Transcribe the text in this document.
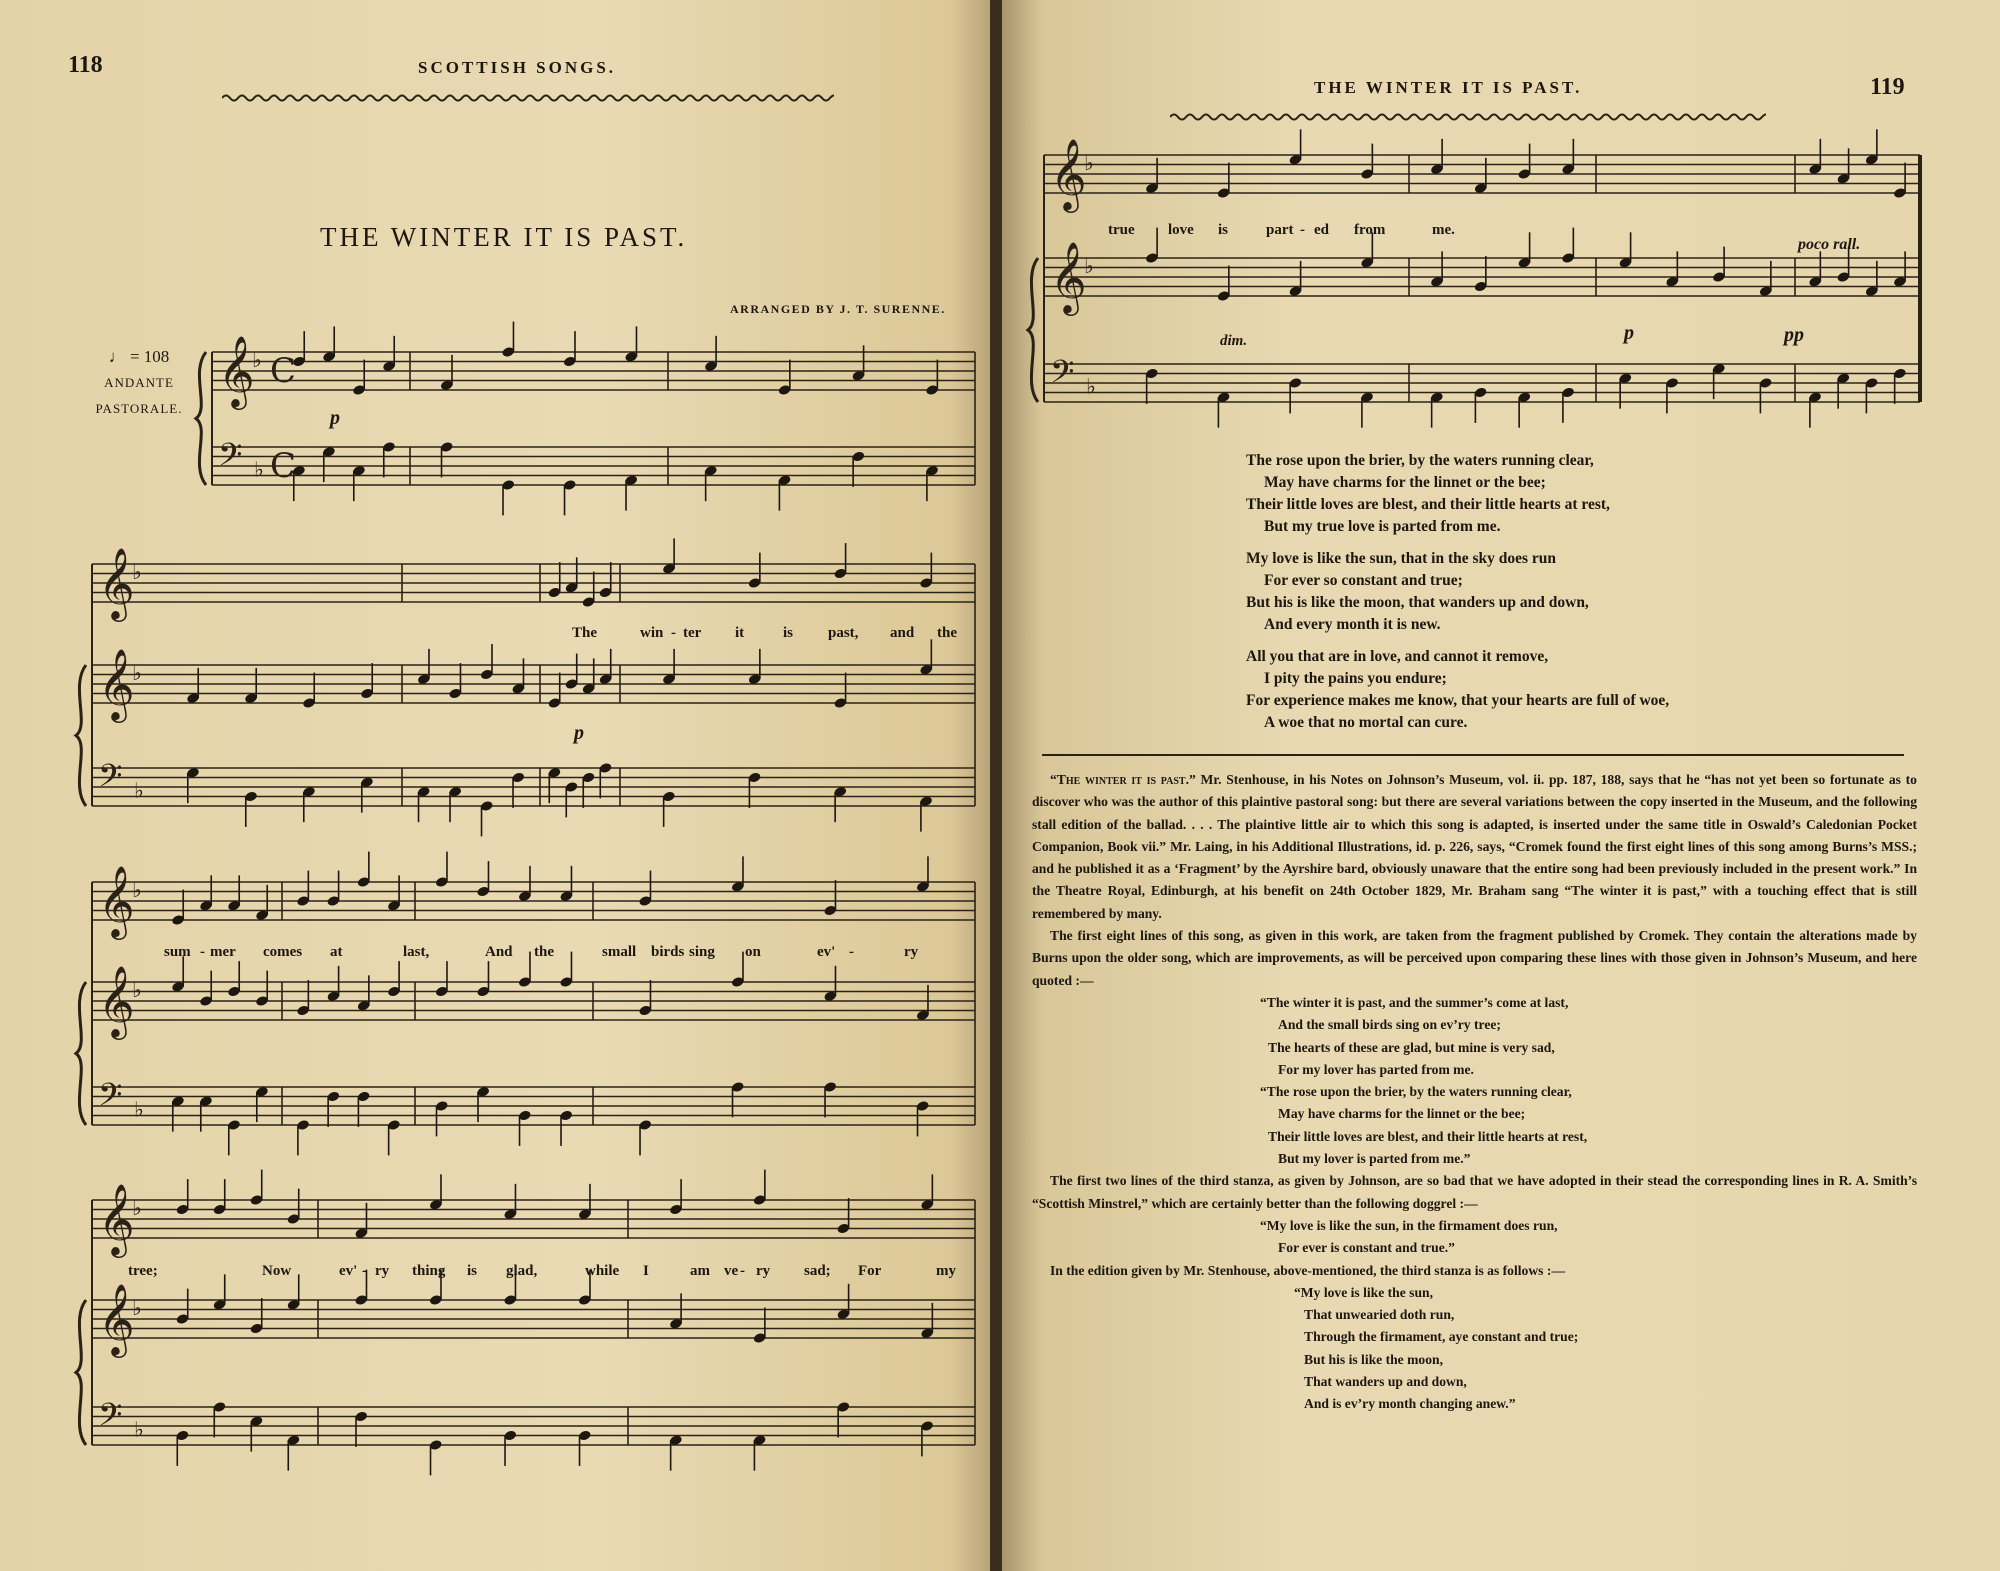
118	SCOTTISH SONGS.
THE WINTER IT IS PAST.
ARRANGED BY J. T. SURENNE.
♩ = 108
ANDANTE
PASTORALE.
𝄞
♭
𝄢 ♭
C
C
𝄞
♭
𝄞
♭
𝄢 ♭
𝄞
♭
𝄞
♭
𝄢 ♭
𝄞
♭
𝄞
♭
𝄢 ♭
p
p
The	win - ter it	is past, and the
sum - mer comes at	last,	And the	small birds sing on	ev' -	ry
tree;	Now	ev' - ry thing is glad,	while I	am ve - ry sad; For	my
THE WINTER IT IS PAST.	119
𝄞
♭
𝄞
♭
𝄢 ♭
poco rall.
dim.	p	pp
true love is	part - ed from	me.
The rose upon the brier, by the waters running clear,
May have charms for the linnet or the bee;
Their little loves are blest, and their little hearts at rest,
But my true love is parted from me.
My love is like the sun, that in the sky does run
For ever so constant and true;
But his is like the moon, that wanders up and down,
And every month it is new.
All you that are in love, and cannot it remove,
I pity the pains you endure;
For experience makes me know, that your hearts are full of woe,
A woe that no mortal can cure.

“The winter it is past.” Mr. Stenhouse, in his Notes on Johnson’s Museum, vol. ii. pp. 187, 188, says that he “has not yet been so fortunate as to discover who was the author of this plaintive pastoral song: but there are several variations between the copy inserted in the Museum, and the following stall edition of the ballad. . . . The plaintive little air to which this song is adapted, is inserted under the same title in Oswald’s Caledonian Pocket Companion, Book vii.” Mr. Laing, in his Additional Illustrations, id. p. 226, says, “Cromek found the first eight lines of this song among Burns’s MSS.; and he published it as a ‘Fragment’ by the Ayrshire bard, obviously unaware that the entire song had been previously included in the present work.” In the Theatre Royal, Edinburgh, at his benefit on 24th October 1829, Mr. Braham sang “The winter it is past,” with a touching effect that is still remembered by many.

The first eight lines of this song, as given in this work, are taken from the fragment published by Cromek. They contain the alterations made by Burns upon the older song, which are improvements, as will be perceived upon comparing these lines with those given in Johnson’s Museum, and here quoted :—

“The winter it is past, and the summer’s come at last,
And the small birds sing on ev’ry tree;
The hearts of these are glad, but mine is very sad,
For my lover has parted from me.
“The rose upon the brier, by the waters running clear,
May have charms for the linnet or the bee;
Their little loves are blest, and their little hearts at rest,
But my lover is parted from me.”

The first two lines of the third stanza, as given by Johnson, are so bad that we have adopted in their stead the corresponding lines in R. A. Smith’s “Scottish Minstrel,” which are certainly better than the following doggrel :—

“My love is like the sun, in the firmament does run,
For ever is constant and true.”

In the edition given by Mr. Stenhouse, above-mentioned, the third stanza is as follows :—

“My love is like the sun,
That unwearied doth run,
Through the firmament, aye constant and true;
But his is like the moon,
That wanders up and down,
And is ev’ry month changing anew.”
